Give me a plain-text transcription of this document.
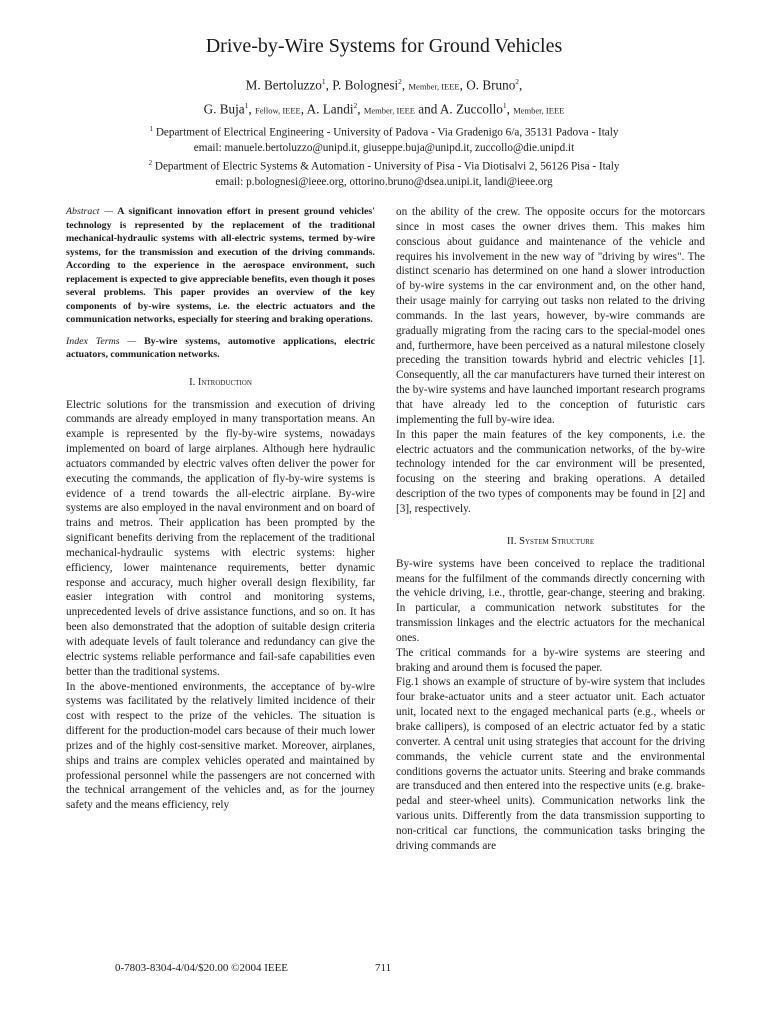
Drive-by-Wire Systems for Ground Vehicles
M. Bertoluzzo$^1$, P. Bolognesi$^2$, Member, IEEE, O. Bruno$^2$,
G. Buja$^1$, Fellow, IEEE, A. Landi$^2$, Member, IEEE and A. Zuccollo$^1$, Member, IEEE
$^1$ Department of Electrical Engineering - University of Padova - Via Gradenigo 6/a, 35131 Padova - Italy
email: manuele.bertoluzzo@unipd.it, giuseppe.buja@unipd.it, zuccollo@die.unipd.it
$^2$ Department of Electric Systems & Automation - University of Pisa - Via Diotisalvi 2, 56126 Pisa - Italy
email: p.bolognesi@ieee.org, ottorino.bruno@dsea.unipi.it, landi@ieee.org

Abstract — A significant innovation effort in present ground vehicles' technology is represented by the replacement of the traditional mechanical-hydraulic systems with all-electric systems, termed by-wire systems, for the transmission and execution of the driving commands. According to the experience in the aerospace environment, such replacement is expected to give appreciable benefits, even though it poses several problems. This paper provides an overview of the key components of by-wire systems, i.e. the electric actuators and the communication networks, especially for steering and braking operations.

Index Terms — By-wire systems, automotive applications, electric actuators, communication networks.

I. Introduction

Electric solutions for the transmission and execution of driving commands are already employed in many transportation means. An example is represented by the fly-by-wire systems, nowadays implemented on board of large airplanes. Although here hydraulic actuators commanded by electric valves often deliver the power for executing the commands, the application of fly-by-wire systems is evidence of a trend towards the all-electric airplane. By-wire systems are also employed in the naval environment and on board of trains and metros. Their application has been prompted by the significant benefits deriving from the replacement of the traditional mechanical-hydraulic systems with electric systems: higher efficiency, lower maintenance requirements, better dynamic response and accuracy, much higher overall design flexibility, far easier integration with control and monitoring systems, unprecedented levels of drive assistance functions, and so on. It has been also demonstrated that the adoption of suitable design criteria with adequate levels of fault tolerance and redundancy can give the electric systems reliable performance and fail-safe capabilities even better than the traditional systems.

In the above-mentioned environments, the acceptance of by-wire systems was facilitated by the relatively limited incidence of their cost with respect to the prize of the vehicles. The situation is different for the production-model cars because of their much lower prizes and of the highly cost-sensitive market. Moreover, airplanes, ships and trains are complex vehicles operated and maintained by professional personnel while the passengers are not concerned with the technical arrangement of the vehicles and, as for the journey safety and the means efficiency, rely

on the ability of the crew. The opposite occurs for the motorcars since in most cases the owner drives them. This makes him conscious about guidance and maintenance of the vehicle and requires his involvement in the new way of "driving by wires". The distinct scenario has determined on one hand a slower introduction of by-wire systems in the car environment and, on the other hand, their usage mainly for carrying out tasks non related to the driving commands. In the last years, however, by-wire commands are gradually migrating from the racing cars to the special-model ones and, furthermore, have been perceived as a natural milestone closely preceding the transition towards hybrid and electric vehicles [1]. Consequently, all the car manufacturers have turned their interest on the by-wire systems and have launched important research programs that have already led to the conception of futuristic cars implementing the full by-wire idea.

In this paper the main features of the key components, i.e. the electric actuators and the communication networks, of the by-wire technology intended for the car environment will be presented, focusing on the steering and braking operations. A detailed description of the two types of components may be found in [2] and [3], respectively.

II. System Structure

By-wire systems have been conceived to replace the traditional means for the fulfilment of the commands directly concerning with the vehicle driving, i.e., throttle, gear-change, steering and braking. In particular, a communication network substitutes for the transmission linkages and the electric actuators for the mechanical ones.

The critical commands for a by-wire systems are steering and braking and around them is focused the paper.

Fig.1 shows an example of structure of by-wire system that includes four brake-actuator units and a steer actuator unit. Each actuator unit, located next to the engaged mechanical parts (e.g., wheels or brake callipers), is composed of an electric actuator fed by a static converter. A central unit using strategies that account for the driving commands, the vehicle current state and the environmental conditions governs the actuator units. Steering and brake commands are transduced and then entered into the respective units (e.g. brake-pedal and steer-wheel units). Communication networks link the various units. Differently from the data transmission supporting to non-critical car functions, the communication tasks bringing the driving commands are

0-7803-8304-4/04/$20.00 ©2004 IEEE	711
